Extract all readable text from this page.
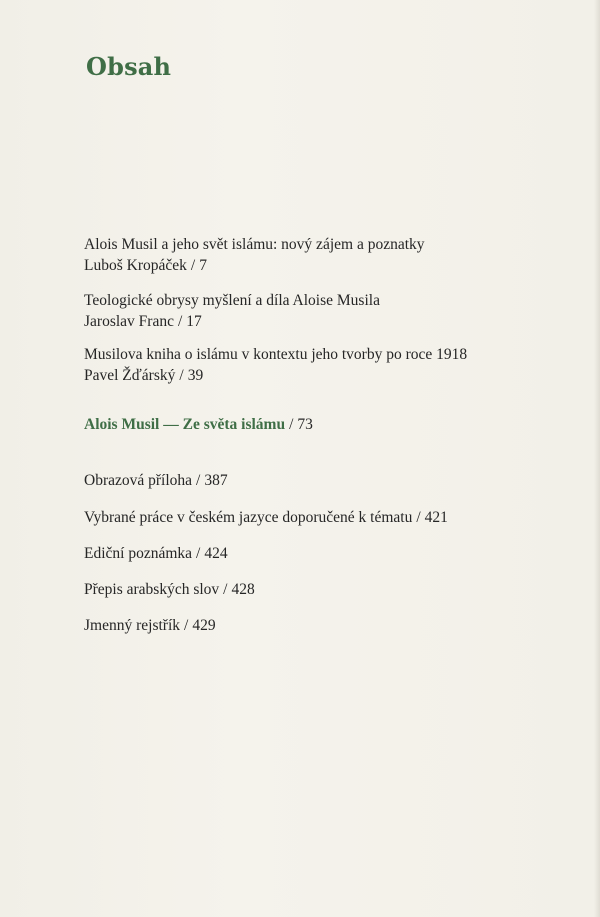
Obsah
Alois Musil a jeho svět islámu: nový zájem a poznatky
Luboš Kropáček / 7
Teologické obrysy myšlení a díla Aloise Musila
Jaroslav Franc / 17
Musilova kniha o islámu v kontextu jeho tvorby po roce 1918
Pavel Žďárský / 39
Alois Musil — Ze světa islámu / 73
Obrazová příloha / 387
Vybrané práce v českém jazyce doporučené k tématu / 421
Ediční poznámka / 424
Přepis arabských slov / 428
Jmenný rejstřík / 429
